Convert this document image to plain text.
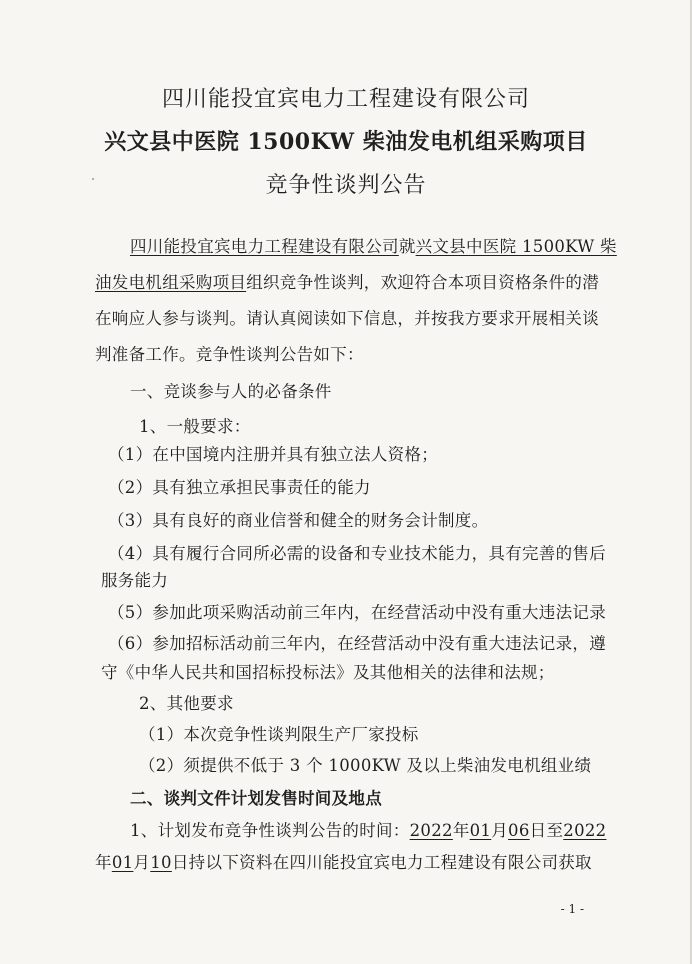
四川能投宜宾电力工程建设有限公司
兴文县中医院 1500KW 柴油发电机组采购项目
竞争性谈判公告
四川能投宜宾电力工程建设有限公司就兴文县中医院 1500KW 柴
油发电机组采购项目组织竞争性谈判，欢迎符合本项目资格条件的潜
在响应人参与谈判。请认真阅读如下信息，并按我方要求开展相关谈
判准备工作。竞争性谈判公告如下：
一、竞谈参与人的必备条件
1、一般要求：
（1）在中国境内注册并具有独立法人资格；
（2）具有独立承担民事责任的能力
（3）具有良好的商业信誉和健全的财务会计制度。
（4）具有履行合同所必需的设备和专业技术能力，具有完善的售后
服务能力
（5）参加此项采购活动前三年内，在经营活动中没有重大违法记录
（6）参加招标活动前三年内，在经营活动中没有重大违法记录，遵
守《中华人民共和国招标投标法》及其他相关的法律和法规；
2、其他要求
（1）本次竞争性谈判限生产厂家投标
（2）须提供不低于 3 个 1000KW 及以上柴油发电机组业绩
二、谈判文件计划发售时间及地点
1、计划发布竞争性谈判公告的时间：2022年01月06日至2022
年01月10日持以下资料在四川能投宜宾电力工程建设有限公司获取
- 1 -
